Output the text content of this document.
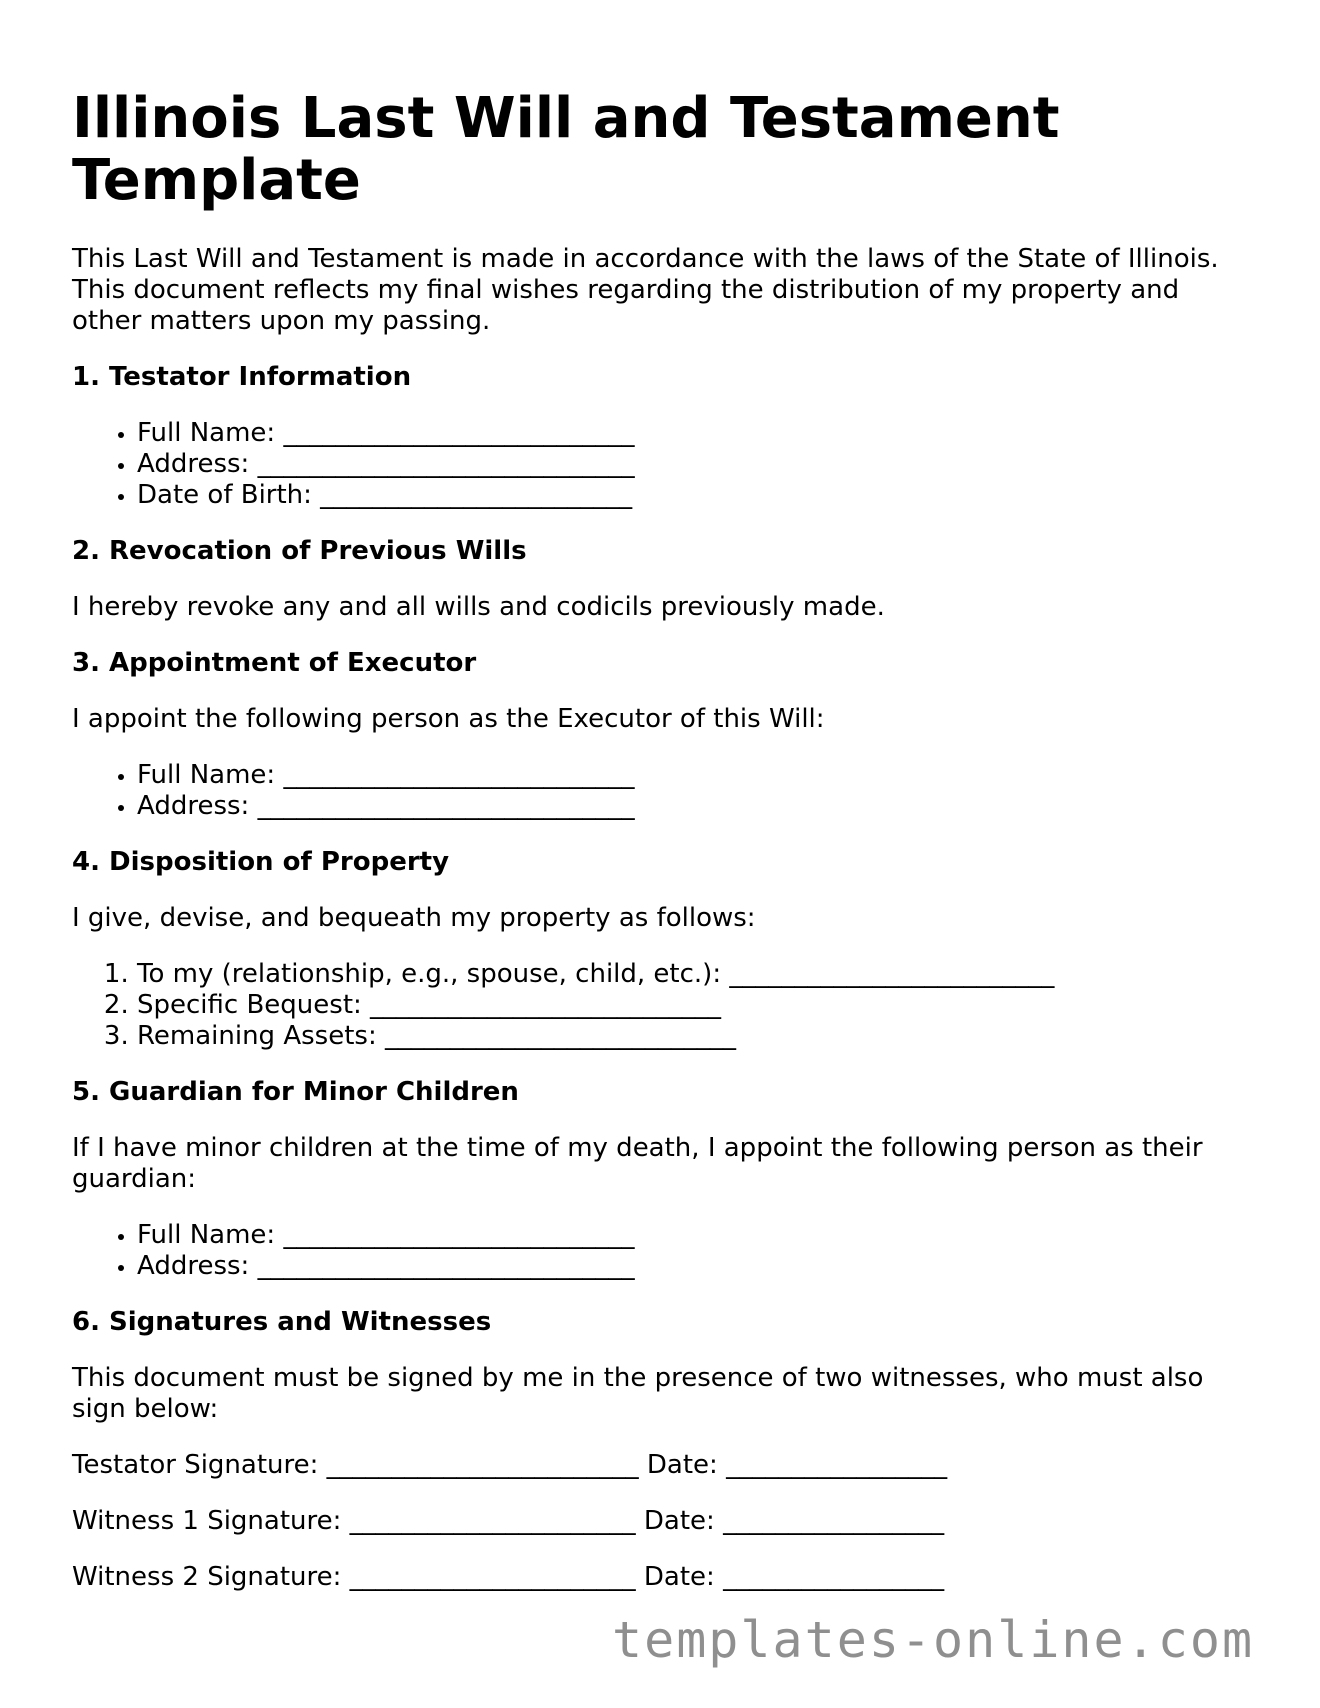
Illinois Last Will and Testament Template

This Last Will and Testament is made in accordance with the laws of the State of Illinois. This document reflects my final wishes regarding the distribution of my property and other matters upon my passing.

1. Testator Information
• Full Name: ___________________________
• Address: _____________________________
• Date of Birth: ________________________
2. Revocation of Previous Wills

I hereby revoke any and all wills and codicils previously made.

3. Appointment of Executor

I appoint the following person as the Executor of this Will:

• Full Name: ___________________________
• Address: _____________________________
4. Disposition of Property

I give, devise, and bequeath my property as follows:

1. To my (relationship, e.g., spouse, child, etc.): _________________________
2. Specific Bequest: ___________________________
3. Remaining Assets: ___________________________
5. Guardian for Minor Children

If I have minor children at the time of my death, I appoint the following person as their guardian:

• Full Name: ___________________________
• Address: _____________________________
6. Signatures and Witnesses

This document must be signed by me in the presence of two witnesses, who must also sign below:

Testator Signature: ________________________ Date: _________________

Witness 1 Signature: ______________________ Date: _________________

Witness 2 Signature: ______________________ Date: _________________

templates-online.com
